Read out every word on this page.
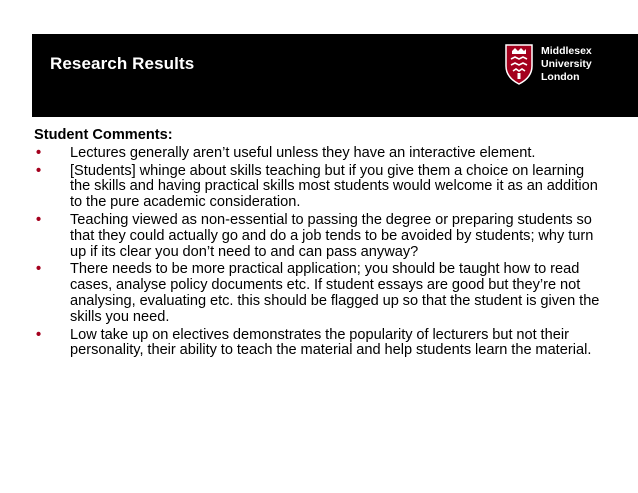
Research Results
Middlesex
University
London
Student Comments:
• Lectures generally aren’t useful unless they have an interactive element.
• [Students] whinge about skills teaching but if you give them a choice on learning the skills and having practical skills most students would welcome it as an addition to the pure academic consideration.
• Teaching viewed as non-essential to passing the degree or preparing students so that they could actually go and do a job tends to be avoided by students; why turn up if its clear you don’t need to and can pass anyway?
• There needs to be more practical application; you should be taught how to read cases, analyse policy documents etc. If student essays are good but they’re not analysing, evaluating etc. this should be flagged up so that the student is given the skills you need.
• Low take up on electives demonstrates the popularity of lecturers but not their personality, their ability to teach the material and help students learn the material.
